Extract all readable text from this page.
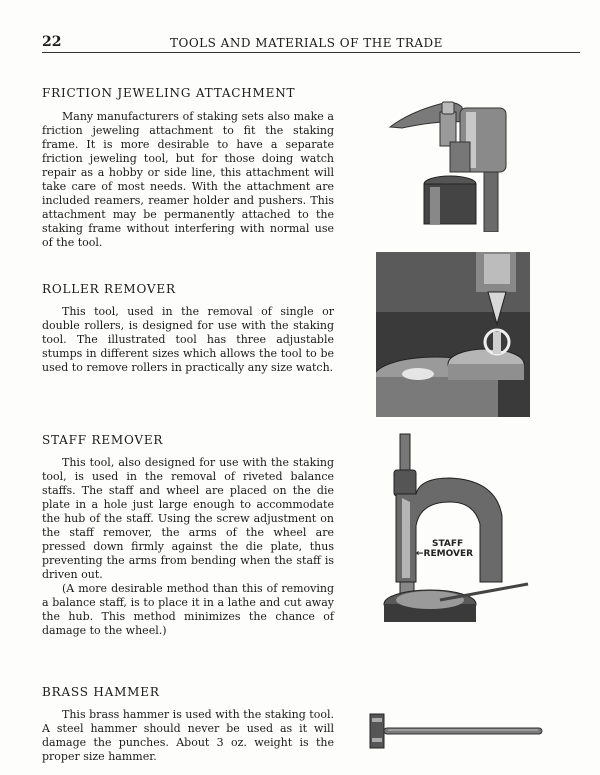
22	TOOLS AND MATERIALS OF THE TRADE
FRICTION JEWELING ATTACHMENT

Many manufacturers of staking sets also make a friction jeweling attachment to fit the staking frame. It is more desirable to have a separate friction jeweling tool, but for those doing watch repair as a hobby or side line, this attachment will take care of most needs. With the attachment are included reamers, reamer holder and pushers. This attachment may be permanently attached to the staking frame without interfering with normal use of the tool.

ROLLER REMOVER

This tool, used in the removal of single or double rollers, is designed for use with the staking tool. The illustrated tool has three adjustable stumps in different sizes which allows the tool to be used to remove rollers in practically any size watch.

STAFF REMOVER

This tool, also designed for use with the staking tool, is used in the removal of riveted balance staffs. The staff and wheel are placed on the die plate in a hole just large enough to accommodate the hub of the staff. Using the screw adjustment on the staff remover, the arms of the wheel are pressed down firmly against the die plate, thus preventing the arms from bending when the staff is driven out.

(A more desirable method than this of removing a balance staff, is to place it in a lathe and cut away the hub. This method minimizes the chance of damage to the wheel.)

STAFF
←REMOVER
BRASS HAMMER

This brass hammer is used with the staking tool. A steel hammer should never be used as it will damage the punches. About 3 oz. weight is the proper size hammer.
